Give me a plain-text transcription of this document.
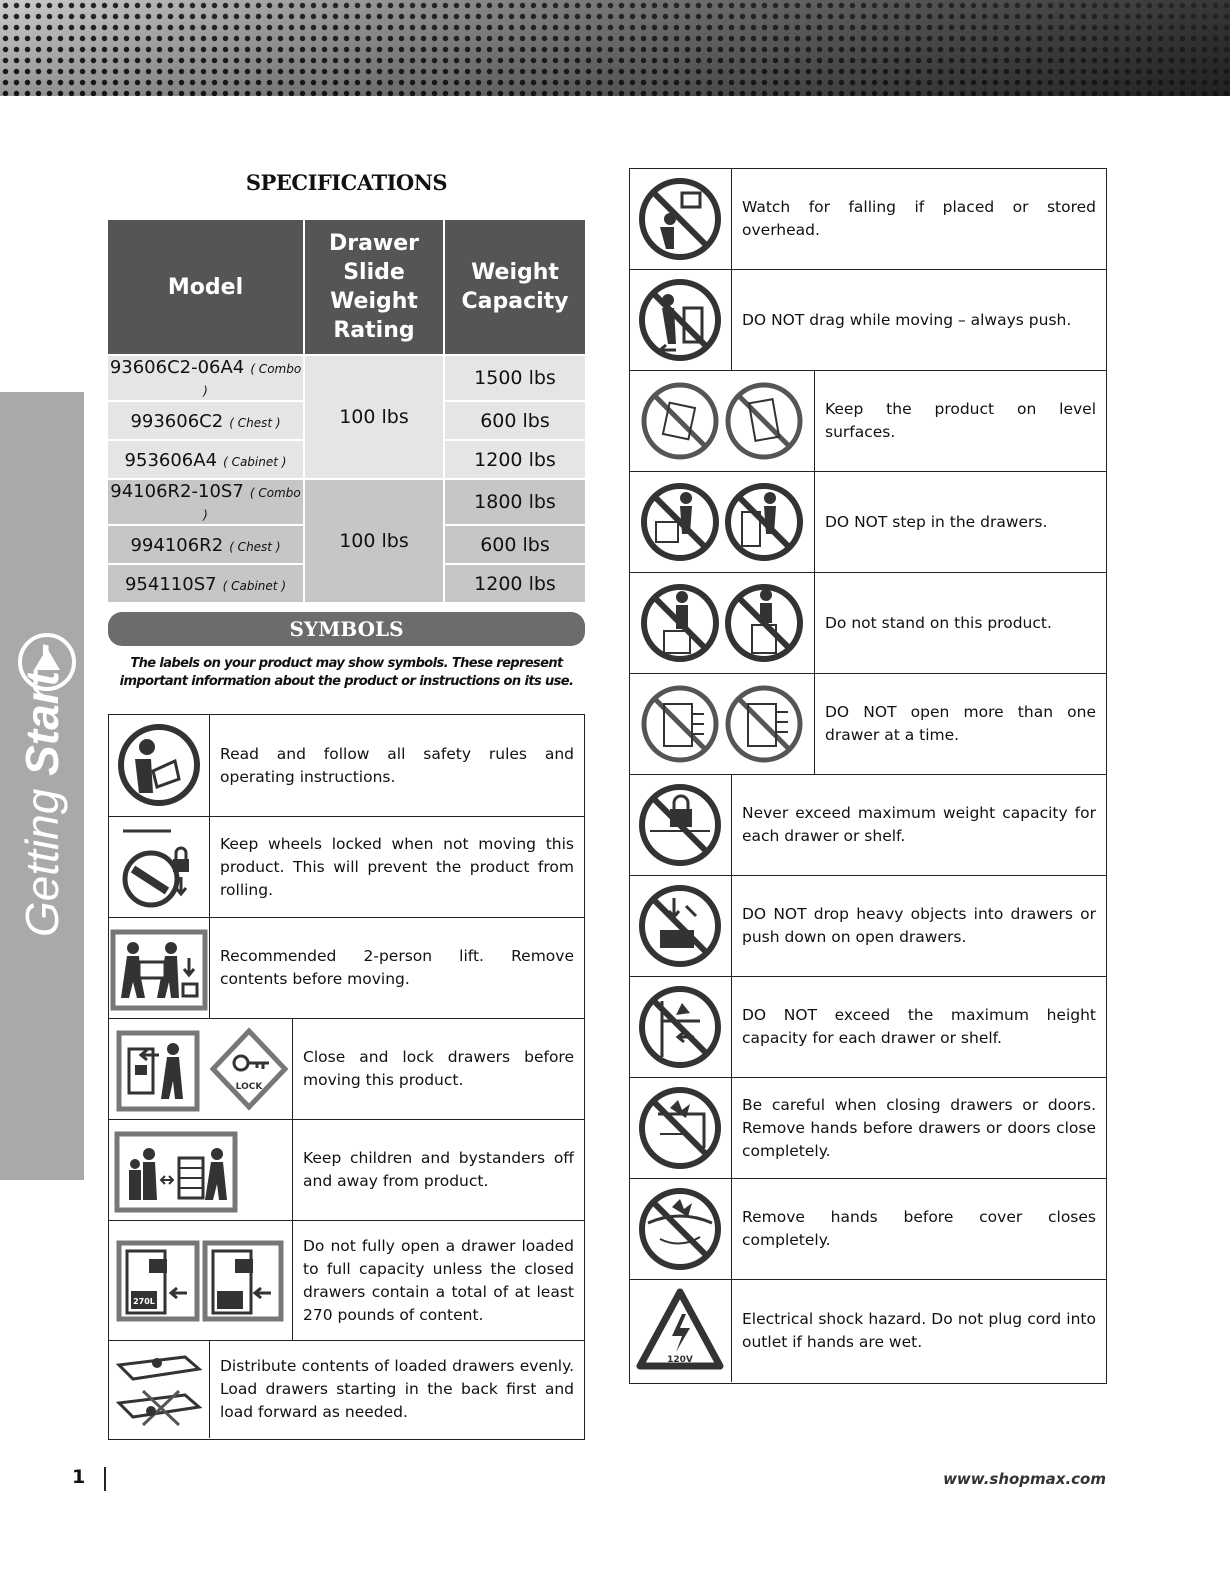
Getting Start -
SPECIFICATIONS
Model	Drawer Slide Weight Rating	Weight Capacity
93606C2-06A4 ( Combo )	100 lbs	1500 lbs
993606C2 ( Chest )		600 lbs
953606A4 ( Cabinet )		1200 lbs
94106R2-10S7 ( Combo )	100 lbs	1800 lbs
994106R2 ( Chest )		600 lbs
954110S7 ( Cabinet )		1200 lbs
SYMBOLS
The labels on your product may show symbols. These represent important information about the product or instructions on its use.
Read and follow all safety rules and operating instructions.
Keep wheels locked when not moving this product. This will prevent the product from rolling.
Recommended 2-person lift. Remove contents before moving.
LOCK
Close and lock drawers before moving this product.
Keep children and bystanders off and away from product.
270L
Do not fully open a drawer loaded to full capacity unless the closed drawers contain a total of at least 270 pounds of content.
Distribute contents of loaded drawers evenly. Load drawers starting in the back first and load forward as needed.
Watch for falling if placed or stored overhead.
DO NOT drag while moving – always push.
Keep the product on level surfaces.
DO NOT step in the drawers.
Do not stand on this product.
DO NOT open more than one drawer at a time.
Never exceed maximum weight capacity for each drawer or shelf.
DO NOT drop heavy objects into drawers or push down on open drawers.
DO NOT exceed the maximum height capacity for each drawer or shelf.
Be careful when closing drawers or doors. Remove hands before drawers or doors close completely.
Remove hands before cover closes completely.
120V
Electrical shock hazard. Do not plug cord into outlet if hands are wet.
1	www.shopmax.com
